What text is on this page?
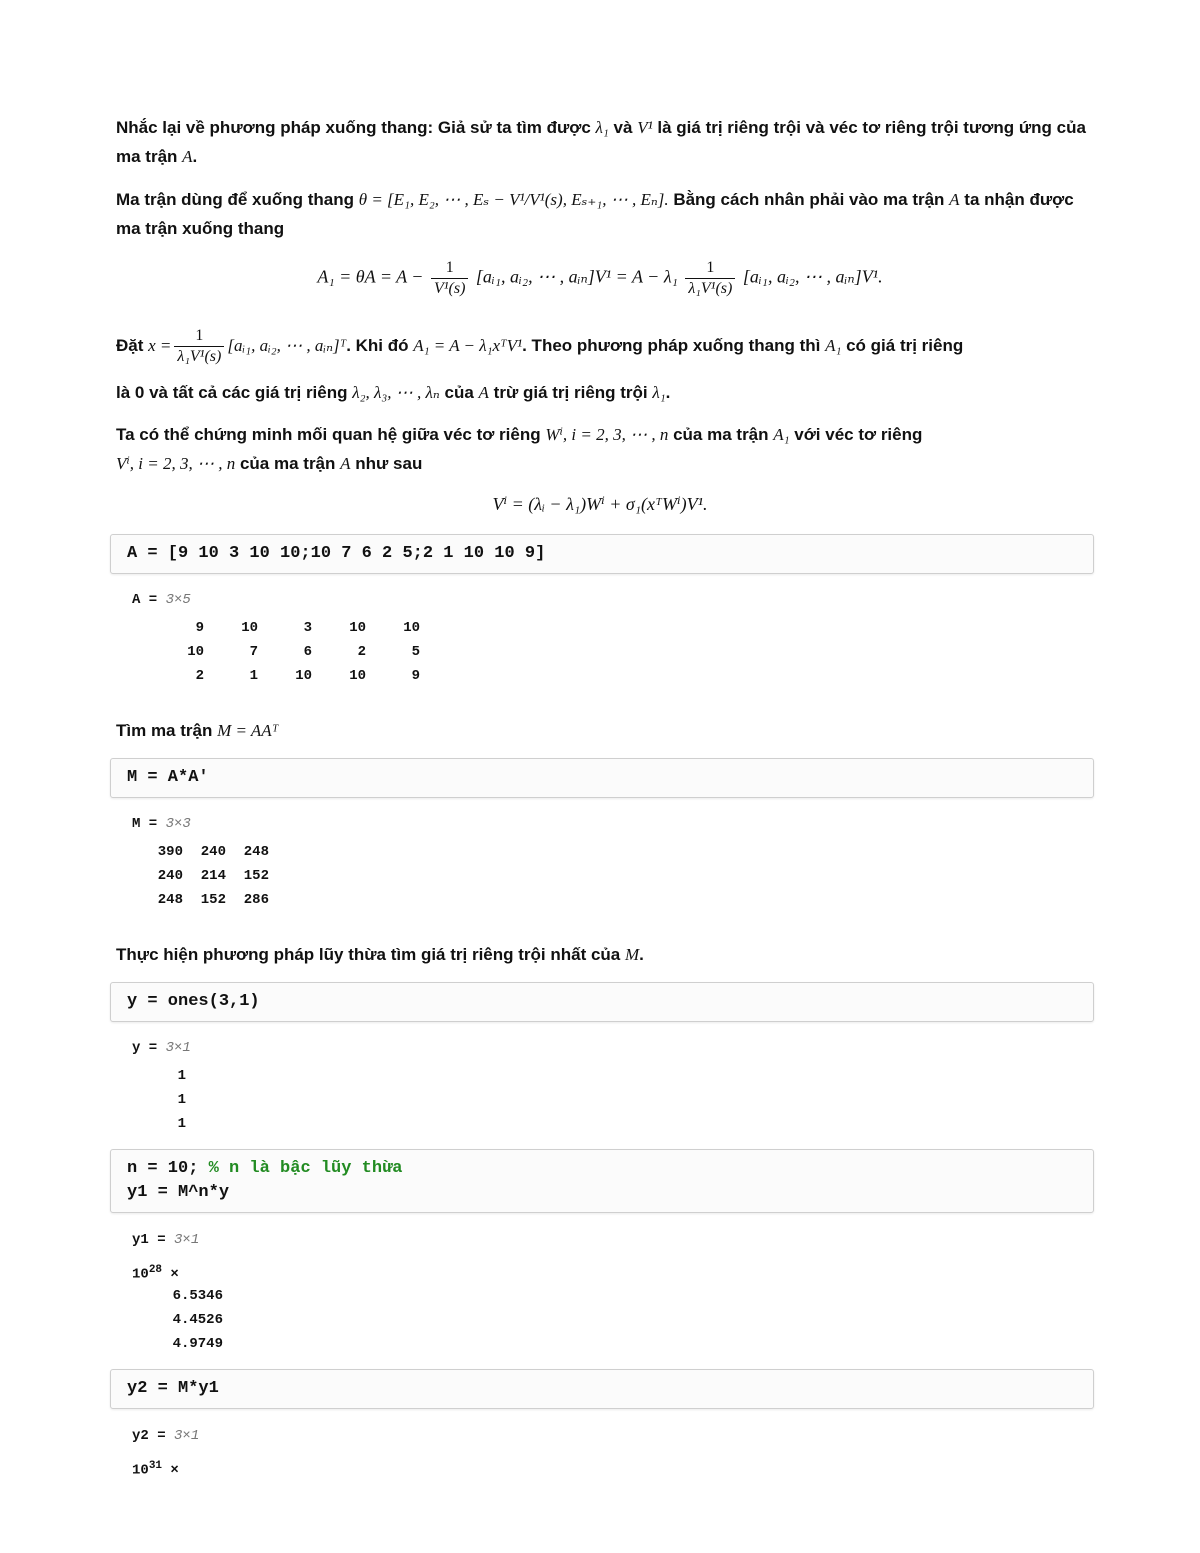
Nhắc lại về phương pháp xuống thang: Giả sử ta tìm được λ₁ và V¹ là giá trị riêng trội và véc tơ riêng trội tương ứng của ma trận A.
Ma trận dùng để xuống thang θ = [E₁, E₂, ⋯ , Eₛ − V¹/V¹(s), Eₛ₊₁, ⋯ , Eₙ]. Bằng cách nhân phải vào ma trận A ta nhận được ma trận xuống thang
$A_1 = \theta A = A - \frac{1}{\text{V¹(s)}}$ [aᵢ₁, aᵢ₂, ⋯ , aᵢₙ]V¹ = $A - \lambda_1 \frac{1}{\text{λ₁V¹(s)}}$ [aᵢ₁, aᵢ₂, ⋯ , aᵢₙ]V¹.
Đặt $x = \frac{1}{\text{λ₁V¹(s)}}$ [aᵢ₁, aᵢ₂, ⋯ , aᵢₙ]ᵀ. Khi đó A₁ = A − λ₁xᵀV¹. Theo phương pháp xuống thang thì A₁ có giá trị riêng
là 0 và tất cả các giá trị riêng λ₂, λ₃, ⋯ , λₙ của A trừ giá trị riêng trội λ₁.
Ta có thể chứng minh mối quan hệ giữa véc tơ riêng Wⁱ, i = 2, 3, ⋯ , n của ma trận A₁ với véc tơ riêng
Vⁱ, i = 2, 3, ⋯ , n của ma trận A như sau
Vⁱ = (λᵢ − λ₁)Wⁱ + σ₁(xᵀWⁱ)V¹.
A = [9 10 3 10 10;10 7 6 2 5;2 1 10 10 9]
A = 3×5
9	10	3	10	10
10	7	6	2	5
2	1	10	10	9
Tìm ma trận M = AAᵀ
M = A*A'
M = 3×3
390	240	248
240	214	152
248	152	286
Thực hiện phương pháp lũy thừa tìm giá trị riêng trội nhất của M.
y = ones(3,1)
y = 3×1
1
1
1
n = 10; % n là bậc lũy thừa
y1 = M^n*y
y1 = 3×1
$10^{28}$ ×
6.5346
4.4526
4.9749
y2 = M*y1
y2 = 3×1
$10^{31}$ ×
